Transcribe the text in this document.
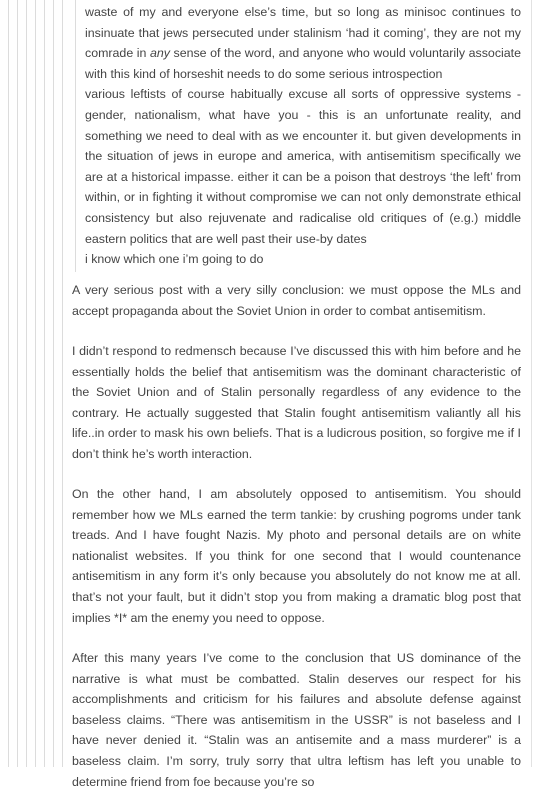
waste of my and everyone else’s time, but so long as minisoc continues to insinuate that jews persecuted under stalinism ‘had it coming’, they are not my comrade in any sense of the word, and anyone who would voluntarily associate with this kind of horseshit needs to do some serious introspection

various leftists of course habitually excuse all sorts of oppressive systems - gender, nationalism, what have you - this is an unfortunate reality, and something we need to deal with as we encounter it. but given developments in the situation of jews in europe and america, with antisemitism specifically we are at a historical impasse. either it can be a poison that destroys ‘the left’ from within, or in fighting it without compromise we can not only demonstrate ethical consistency but also rejuvenate and radicalise old critiques of (e.g.) middle eastern politics that are well past their use-by dates

i know which one i’m going to do

A very serious post with a very silly conclusion: we must oppose the MLs and accept propaganda about the Soviet Union in order to combat antisemitism.

I didn’t respond to redmensch because I’ve discussed this with him before and he essentially holds the belief that antisemitism was the dominant characteristic of the Soviet Union and of Stalin personally regardless of any evidence to the contrary. He actually suggested that Stalin fought antisemitism valiantly all his life..in order to mask his own beliefs. That is a ludicrous position, so forgive me if I don’t think he’s worth interaction.

On the other hand, I am absolutely opposed to antisemitism. You should remember how we MLs earned the term tankie: by crushing pogroms under tank treads. And I have fought Nazis. My photo and personal details are on white nationalist websites. If you think for one second that I would countenance antisemitism in any form it’s only because you absolutely do not know me at all. that’s not your fault, but it didn’t stop you from making a dramatic blog post that implies *I* am the enemy you need to oppose.

After this many years I’ve come to the conclusion that US dominance of the narrative is what must be combatted. Stalin deserves our respect for his accomplishments and criticism for his failures and absolute defense against baseless claims. “There was antisemitism in the USSR” is not baseless and I have never denied it. “Stalin was an antisemite and a mass murderer” is a baseless claim. I’m sorry, truly sorry that ultra leftism has left you unable to determine friend from foe because you’re so
